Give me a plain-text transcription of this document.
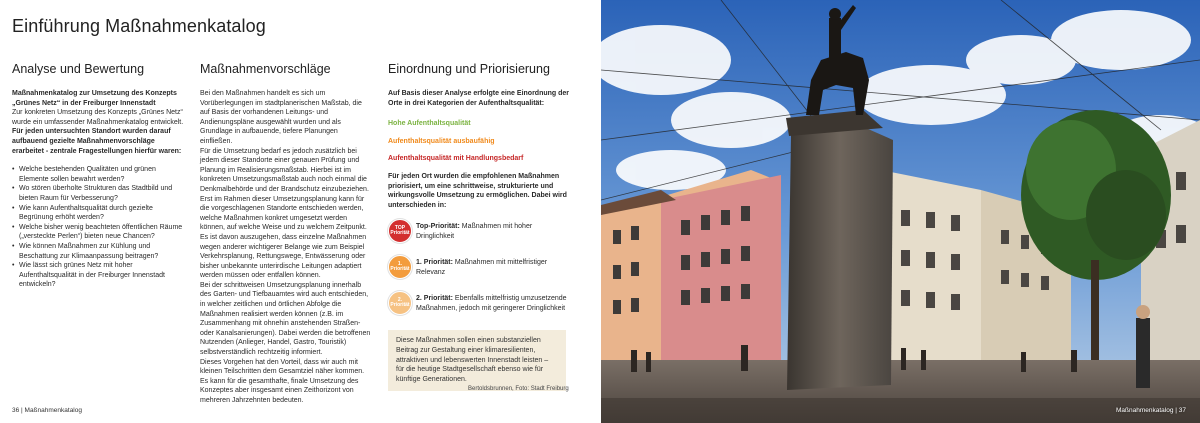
Einführung Maßnahmenkatalog
Analyse und Bewertung

Maßnahmenkatalog zur Umsetzung des Konzepts „Grünes Netz“ in der Freiburger Innenstadt

Zur konkreten Umsetzung des Konzepts „Grünes Netz“ wurde ein umfassender Maßnahmenkatalog entwickelt.

Für jeden untersuchten Standort wurden darauf aufbauend gezielte Maßnahmenvorschläge erarbeitet - zentrale Fragestellungen hierfür waren:

• Welche bestehenden Qualitäten und grünen Elemente sollen bewahrt werden?
• Wo stören überholte Strukturen das Stadtbild und bieten Raum für Verbesserung?
• Wie kann Aufenthaltsqualität durch gezielte Begrünung erhöht werden?
• Welche bisher wenig beachteten öffentlichen Räume („versteckte Perlen“) bieten neue Chancen?
• Wie können Maßnahmen zur Kühlung und Beschattung zur Klimaanpassung beitragen?
• Wie lässt sich grünes Netz mit hoher Aufenthaltsqualität in der Freiburger Innenstadt entwickeln?
Maßnahmenvorschläge

Bei den Maßnahmen handelt es sich um Vorüberlegungen im stadtplanerischen Maßstab, die auf Basis der vorhandenen Leitungs- und Andienungspläne ausgewählt wurden und als Grundlage in aufbauende, tiefere Planungen einfließen.

Für die Umsetzung bedarf es jedoch zusätzlich bei jedem dieser Standorte einer genauen Prüfung und Planung im Realisierungsmaßstab. Hierbei ist im konkreten Umsetzungsmaßstab auch noch einmal die Denkmalbehörde und der Brandschutz einzubeziehen. Erst im Rahmen dieser Umsetzungsplanung kann für die vorgeschlagenen Standorte entschieden werden, welche Maßnahmen konkret umgesetzt werden können, auf welche Weise und zu welchem Zeitpunkt. Es ist davon auszugehen, dass einzelne Maßnahmen wegen anderer wichtigerer Belange wie zum Beispiel Verkehrsplanung, Rettungswege, Entwässerung oder bisher unbekannte unterirdische Leitungen adaptiert werden müssen oder entfallen können.

Bei der schrittweisen Umsetzungsplanung innerhalb des Garten- und Tiefbauamtes wird auch entschieden, in welcher zeitlichen und örtlichen Abfolge die Maßnahmen realisiert werden können (z.B. im Zusammenhang mit ohnehin anstehenden Straßen- oder Kanalsanierungen). Dabei werden die betroffenen Nutzenden (Anlieger, Handel, Gastro, Touristik) selbstverständlich rechtzeitig informiert.

Dieses Vorgehen hat den Vorteil, dass wir auch mit kleinen Teilschritten dem Gesamtziel näher kommen. Es kann für die gesamthafte, finale Umsetzung des Konzeptes aber insgesamt einen Zeithorizont von mehreren Jahrzehnten bedeuten.

Einordnung und Priorisierung

Auf Basis dieser Analyse erfolgte eine Einordnung der Orte in drei Kategorien der Aufenthaltsqualität:

Hohe Aufenthaltsqualität

Aufenthaltsqualität ausbaufähig

Aufenthaltsqualität mit Handlungsbedarf

Für jeden Ort wurden die empfohlenen Maßnahmen priorisiert, um eine schrittweise, strukturierte und wirkungsvolle Umsetzung zu ermöglichen. Dabei wird unterschieden in:

TOP Priorität
Top-Priorität: Maßnahmen mit hoher Dringlichkeit
1. Priorität
1. Priorität: Maßnahmen mit mittelfristiger Relevanz
2. Priorität
2. Priorität: Ebenfalls mittelfristig umzusetzende Maßnahmen, jedoch mit geringerer Dringlichkeit
Diese Maßnahmen sollen einen substanziellen Beitrag zur Gestaltung einer klimaresilienten, attraktiven und lebenswerten Innenstadt leisten – für die heutige Stadtgesellschaft ebenso wie für künftige Generationen.
Bertoldsbrunnen, Foto: Stadt Freiburg
36 | Maßnahmenkatalog	Maßnahmenkatalog | 37
